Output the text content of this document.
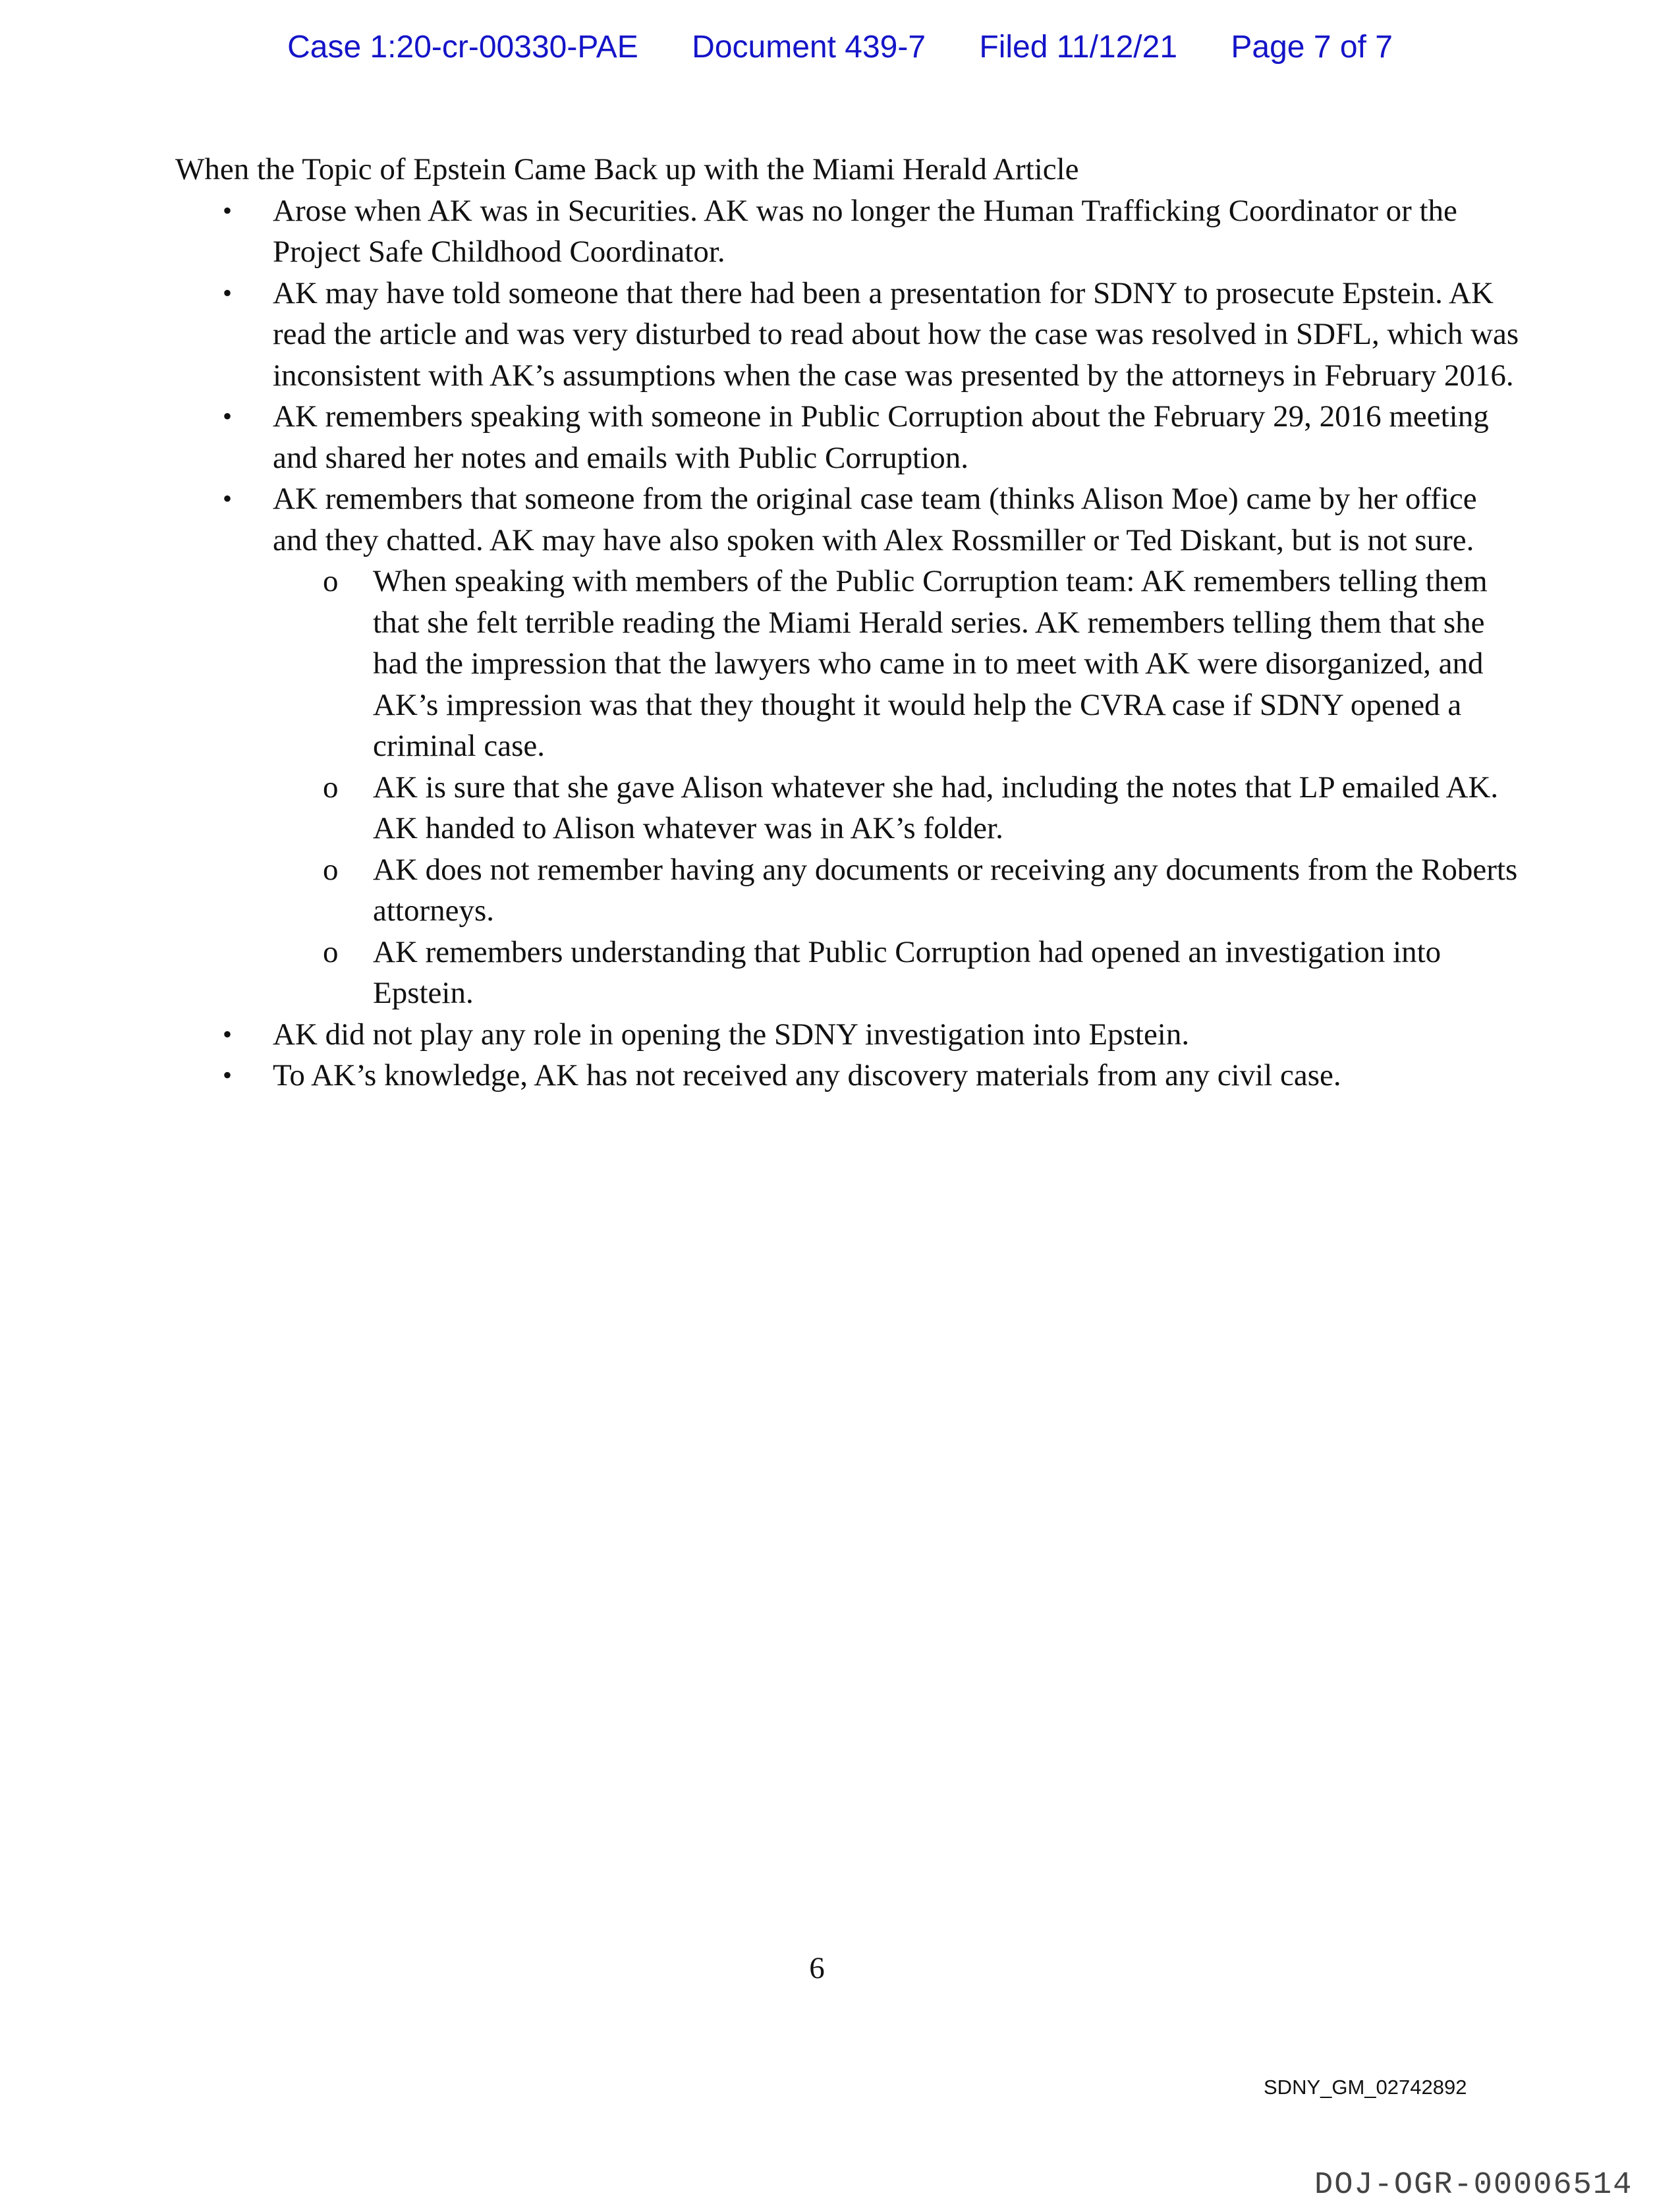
Case 1:20-cr-00330-PAE Document 439-7 Filed 11/12/21 Page 7 of 7

When the Topic of Epstein Came Back up with the Miami Herald Article

• Arose when AK was in Securities. AK was no longer the Human Trafficking Coordinator or the Project Safe Childhood Coordinator.
• AK may have told someone that there had been a presentation for SDNY to prosecute Epstein. AK read the article and was very disturbed to read about how the case was resolved in SDFL, which was inconsistent with AK’s assumptions when the case was presented by the attorneys in February 2016.
• AK remembers speaking with someone in Public Corruption about the February 29, 2016 meeting and shared her notes and emails with Public Corruption.
• AK remembers that someone from the original case team (thinks Alison Moe) came by her office and they chatted. AK may have also spoken with Alex Rossmiller or Ted Diskant, but is not sure.
o When speaking with members of the Public Corruption team: AK remembers telling them that she felt terrible reading the Miami Herald series. AK remembers telling them that she had the impression that the lawyers who came in to meet with AK were disorganized, and AK’s impression was that they thought it would help the CVRA case if SDNY opened a criminal case.
o AK is sure that she gave Alison whatever she had, including the notes that LP emailed AK. AK handed to Alison whatever was in AK’s folder.
o AK does not remember having any documents or receiving any documents from the Roberts attorneys.
o AK remembers understanding that Public Corruption had opened an investigation into Epstein.
• AK did not play any role in opening the SDNY investigation into Epstein.
• To AK’s knowledge, AK has not received any discovery materials from any civil case.
6
SDNY_GM_02742892
DOJ-OGR-00006514
